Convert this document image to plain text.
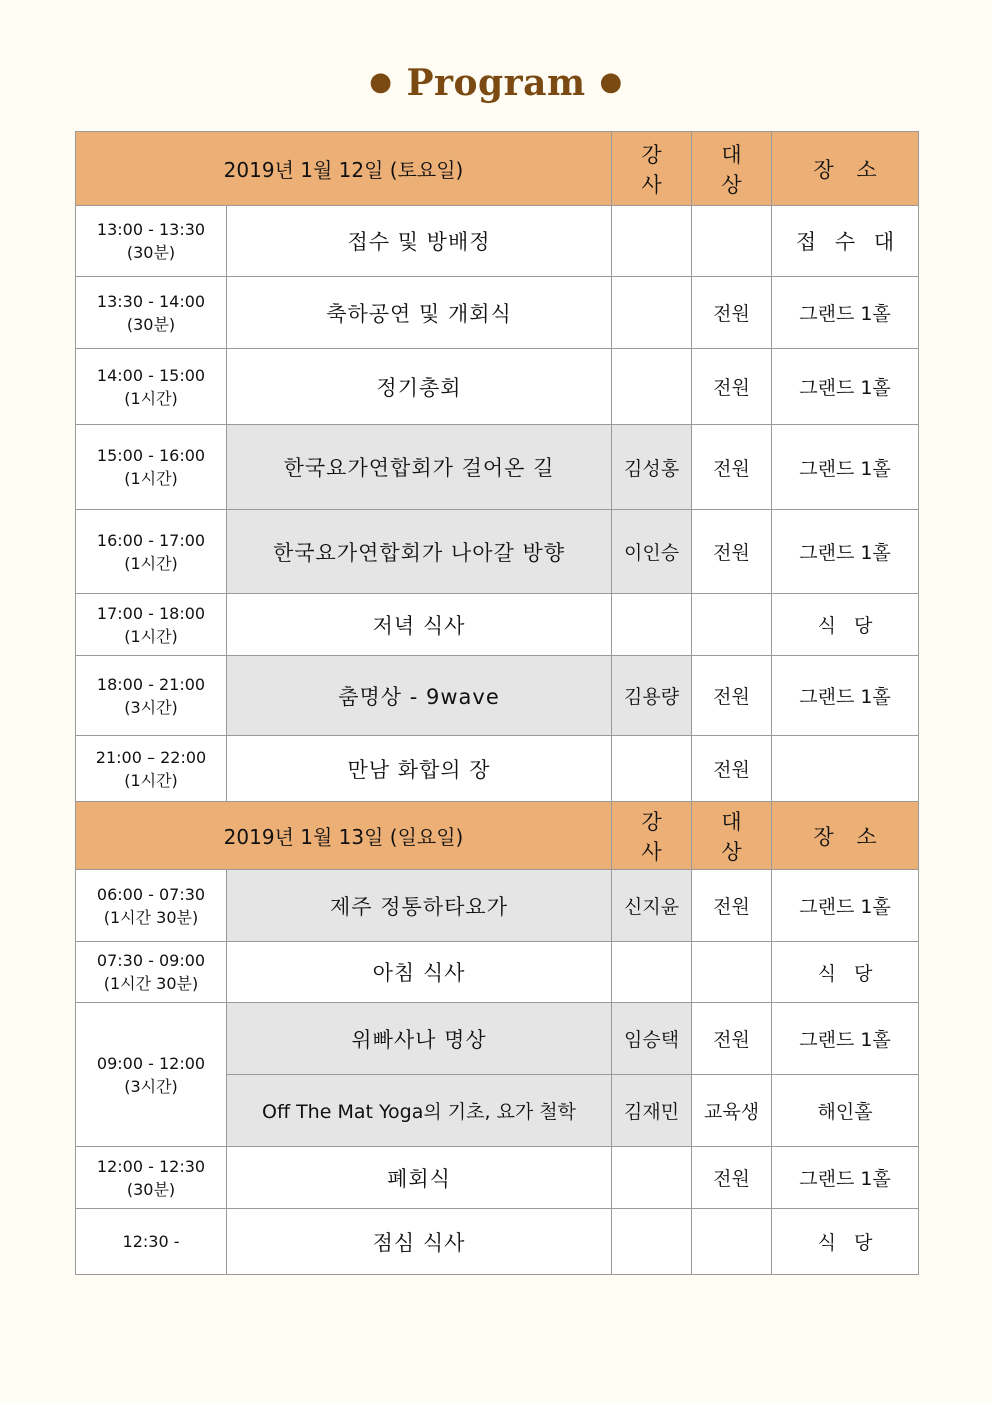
● Program ●
2019년 1월 12일 (토요일)		강 사	대 상	장 소

13:00 - 13:30
(30분)	접수 및 방배정			접 수 대

13:30 - 14:00
(30분)	축하공연 및 개회식		전원	그랜드 1홀

14:00 - 15:00
(1시간)	정기총회		전원	그랜드 1홀

15:00 - 16:00
(1시간)	한국요가연합회가 걸어온 길	김성홍	전원	그랜드 1홀

16:00 - 17:00
(1시간)	한국요가연합회가 나아갈 방향	이인승	전원	그랜드 1홀

17:00 - 18:00
(1시간)	저녁 식사			식 당

18:00 - 21:00
(3시간)	춤명상 - 9wave	김용량	전원	그랜드 1홀

21:00 – 22:00
(1시간)	만남 화합의 장		전원	
2019년 1월 13일 (일요일)		강 사	대 상	장 소

06:00 - 07:30
(1시간 30분)	제주 정통하타요가	신지윤	전원	그랜드 1홀

07:30 - 09:00
(1시간 30분)	아침 식사			식 당

09:00 - 12:00
(3시간)	위빠사나 명상	임승택	전원	그랜드 1홀
	Off The Mat Yoga의 기초, 요가 철학	김재민	교육생	해인홀

12:00 - 12:30
(30분)	폐회식		전원	그랜드 1홀

12:30 -	점심 식사			식 당
